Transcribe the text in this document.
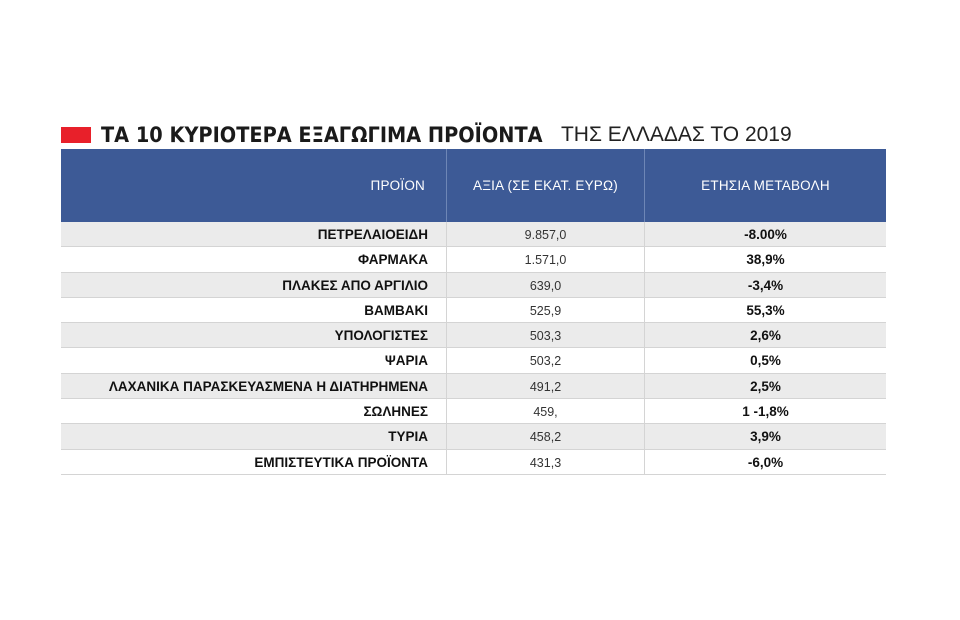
ΤΑ 10 ΚΥΡΙΟΤΕΡΑ ΕΞΑΓΩΓΙΜΑ ΠΡΟΪΟΝΤΑ ΤΗΣ ΕΛΛΑΔΑΣ ΤΟ 2019
ΠΡΟΪΟΝ	ΑΞΙΑ (ΣΕ ΕΚΑΤ. ΕΥΡΩ)	ΕΤΗΣΙΑ ΜΕΤΑΒΟΛΗ
ΠΕΤΡΕΛΑΙΟΕΙΔΗ	9.857,0	-8.00%
ΦΑΡΜΑΚΑ	1.571,0	38,9%
ΠΛΑΚΕΣ ΑΠΟ ΑΡΓΙΛΙΟ	639,0	-3,4%
ΒΑΜΒΑΚΙ	525,9	55,3%
ΥΠΟΛΟΓΙΣΤΕΣ	503,3	2,6%
ΨΑΡΙΑ	503,2	0,5%
ΛΑΧΑΝΙΚΑ ΠΑΡΑΣΚΕΥΑΣΜΕΝΑ Η ΔΙΑΤΗΡΗΜΕΝΑ	491,2	2,5%
ΣΩΛΗΝΕΣ	459,	1 -1,8%
ΤΥΡΙΑ	458,2	3,9%
ΕΜΠΙΣΤΕΥΤΙΚΑ ΠΡΟΪΟΝΤΑ	431,3	-6,0%
